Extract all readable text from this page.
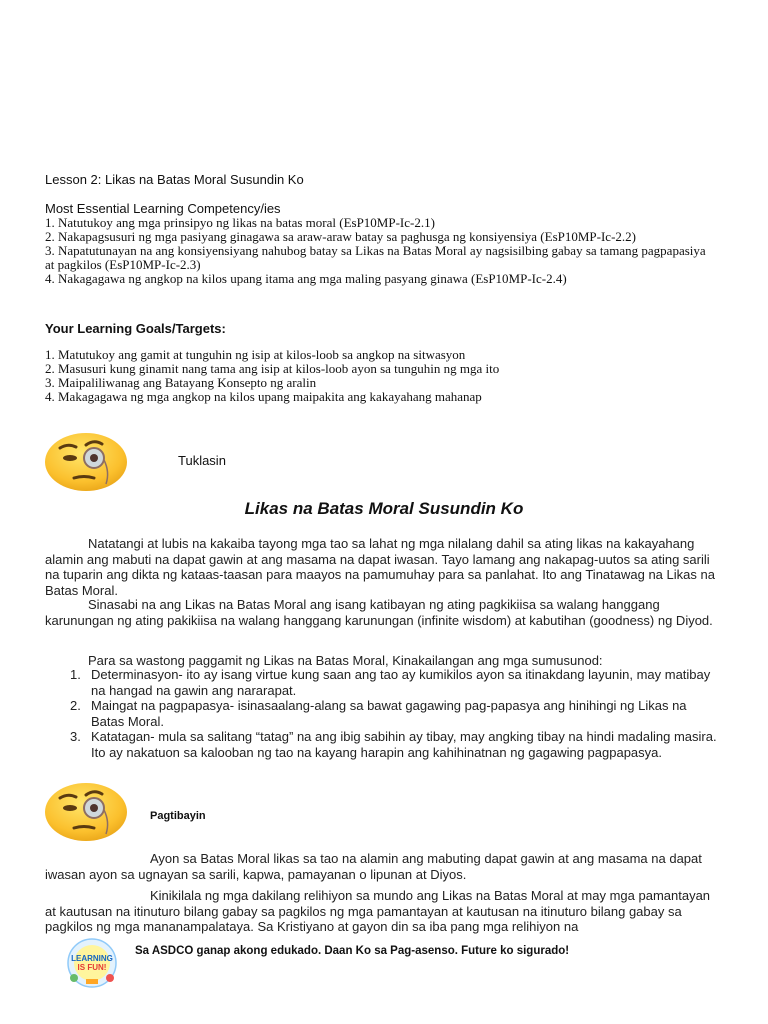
Lesson 2: Likas na Batas Moral Susundin Ko
Most Essential Learning Competency/ies
1. Natutukoy ang mga prinsipyo ng likas na batas moral (EsP10MP-Ic-2.1)
2. Nakapagsusuri ng mga pasiyang ginagawa sa araw-araw batay sa paghusga ng konsiyensiya (EsP10MP-Ic-2.2)
3. Napatutunayan na ang konsiyensiyang nahubog batay sa Likas na Batas Moral ay nagsisilbing gabay sa tamang pagpapasiya at pagkilos (EsP10MP-Ic-2.3)
4. Nakagagawa ng angkop na kilos upang itama ang mga maling pasyang ginawa (EsP10MP-Ic-2.4)
Your Learning Goals/Targets:
1. Matutukoy ang gamit at tunguhin ng isip at kilos-loob sa angkop na sitwasyon
2. Masusuri kung ginamit nang tama ang isip at kilos-loob ayon sa tunguhin ng mga ito
3. Maipaliliwanag ang Batayang Konsepto ng aralin
4. Makagagawa ng mga angkop na kilos upang maipakita ang kakayahang mahanap
Tuklasin
Likas na Batas Moral Susundin Ko
Natatangi at lubis na kakaiba tayong mga tao sa lahat ng mga nilalang dahil sa ating likas na kakayahang alamin ang mabuti na dapat gawin at ang masama na dapat iwasan. Tayo lamang ang nakapag-uutos sa ating sarili na tuparin ang dikta ng kataas-taasan para maayos na pamumuhay para sa panlahat. Ito ang Tinatawag na Likas na Batas Moral.
Sinasabi na ang Likas na Batas Moral ang isang katibayan ng ating pagkikiisa sa walang hanggang karunungan ng ating pakikiisa na walang hanggang karunungan (infinite wisdom) at kabutihan (goodness) ng Diyod.
Para sa wastong paggamit ng Likas na Batas Moral, Kinakailangan ang mga sumusunod:
1. Determinasyon- ito ay isang virtue kung saan ang tao ay kumikilos ayon sa itinakdang layunin, may matibay na hangad na gawin ang nararapat.
2. Maingat na pagpapasya- isinasaalang-alang sa bawat gagawing pag-papasya ang hinihingi ng Likas na Batas Moral.
3. Katatagan- mula sa salitang “tatag” na ang ibig sabihin ay tibay, may angking tibay na hindi madaling masira. Ito ay nakatuon sa kalooban ng tao na kayang harapin ang kahihinatnan ng gagawing pagpapasya.
Pagtibayin
Ayon sa Batas Moral likas sa tao na alamin ang mabuting dapat gawin at ang masama na dapat iwasan ayon sa ugnayan sa sarili, kapwa, pamayanan o lipunan at Diyos.
Kinikilala ng mga dakilang relihiyon sa mundo ang Likas na Batas Moral at may mga pamantayan at kautusan na itinuturo bilang gabay sa pagkilos ng mga pamantayan at kautusan na itinuturo bilang gabay sa pagkilos ng mga mananampalataya. Sa Kristiyano at gayon din sa iba pang mga relihiyon na
LEARNING
IS FUN!
Sa ASDCO ganap akong edukado. Daan Ko sa Pag-asenso. Future ko sigurado!
